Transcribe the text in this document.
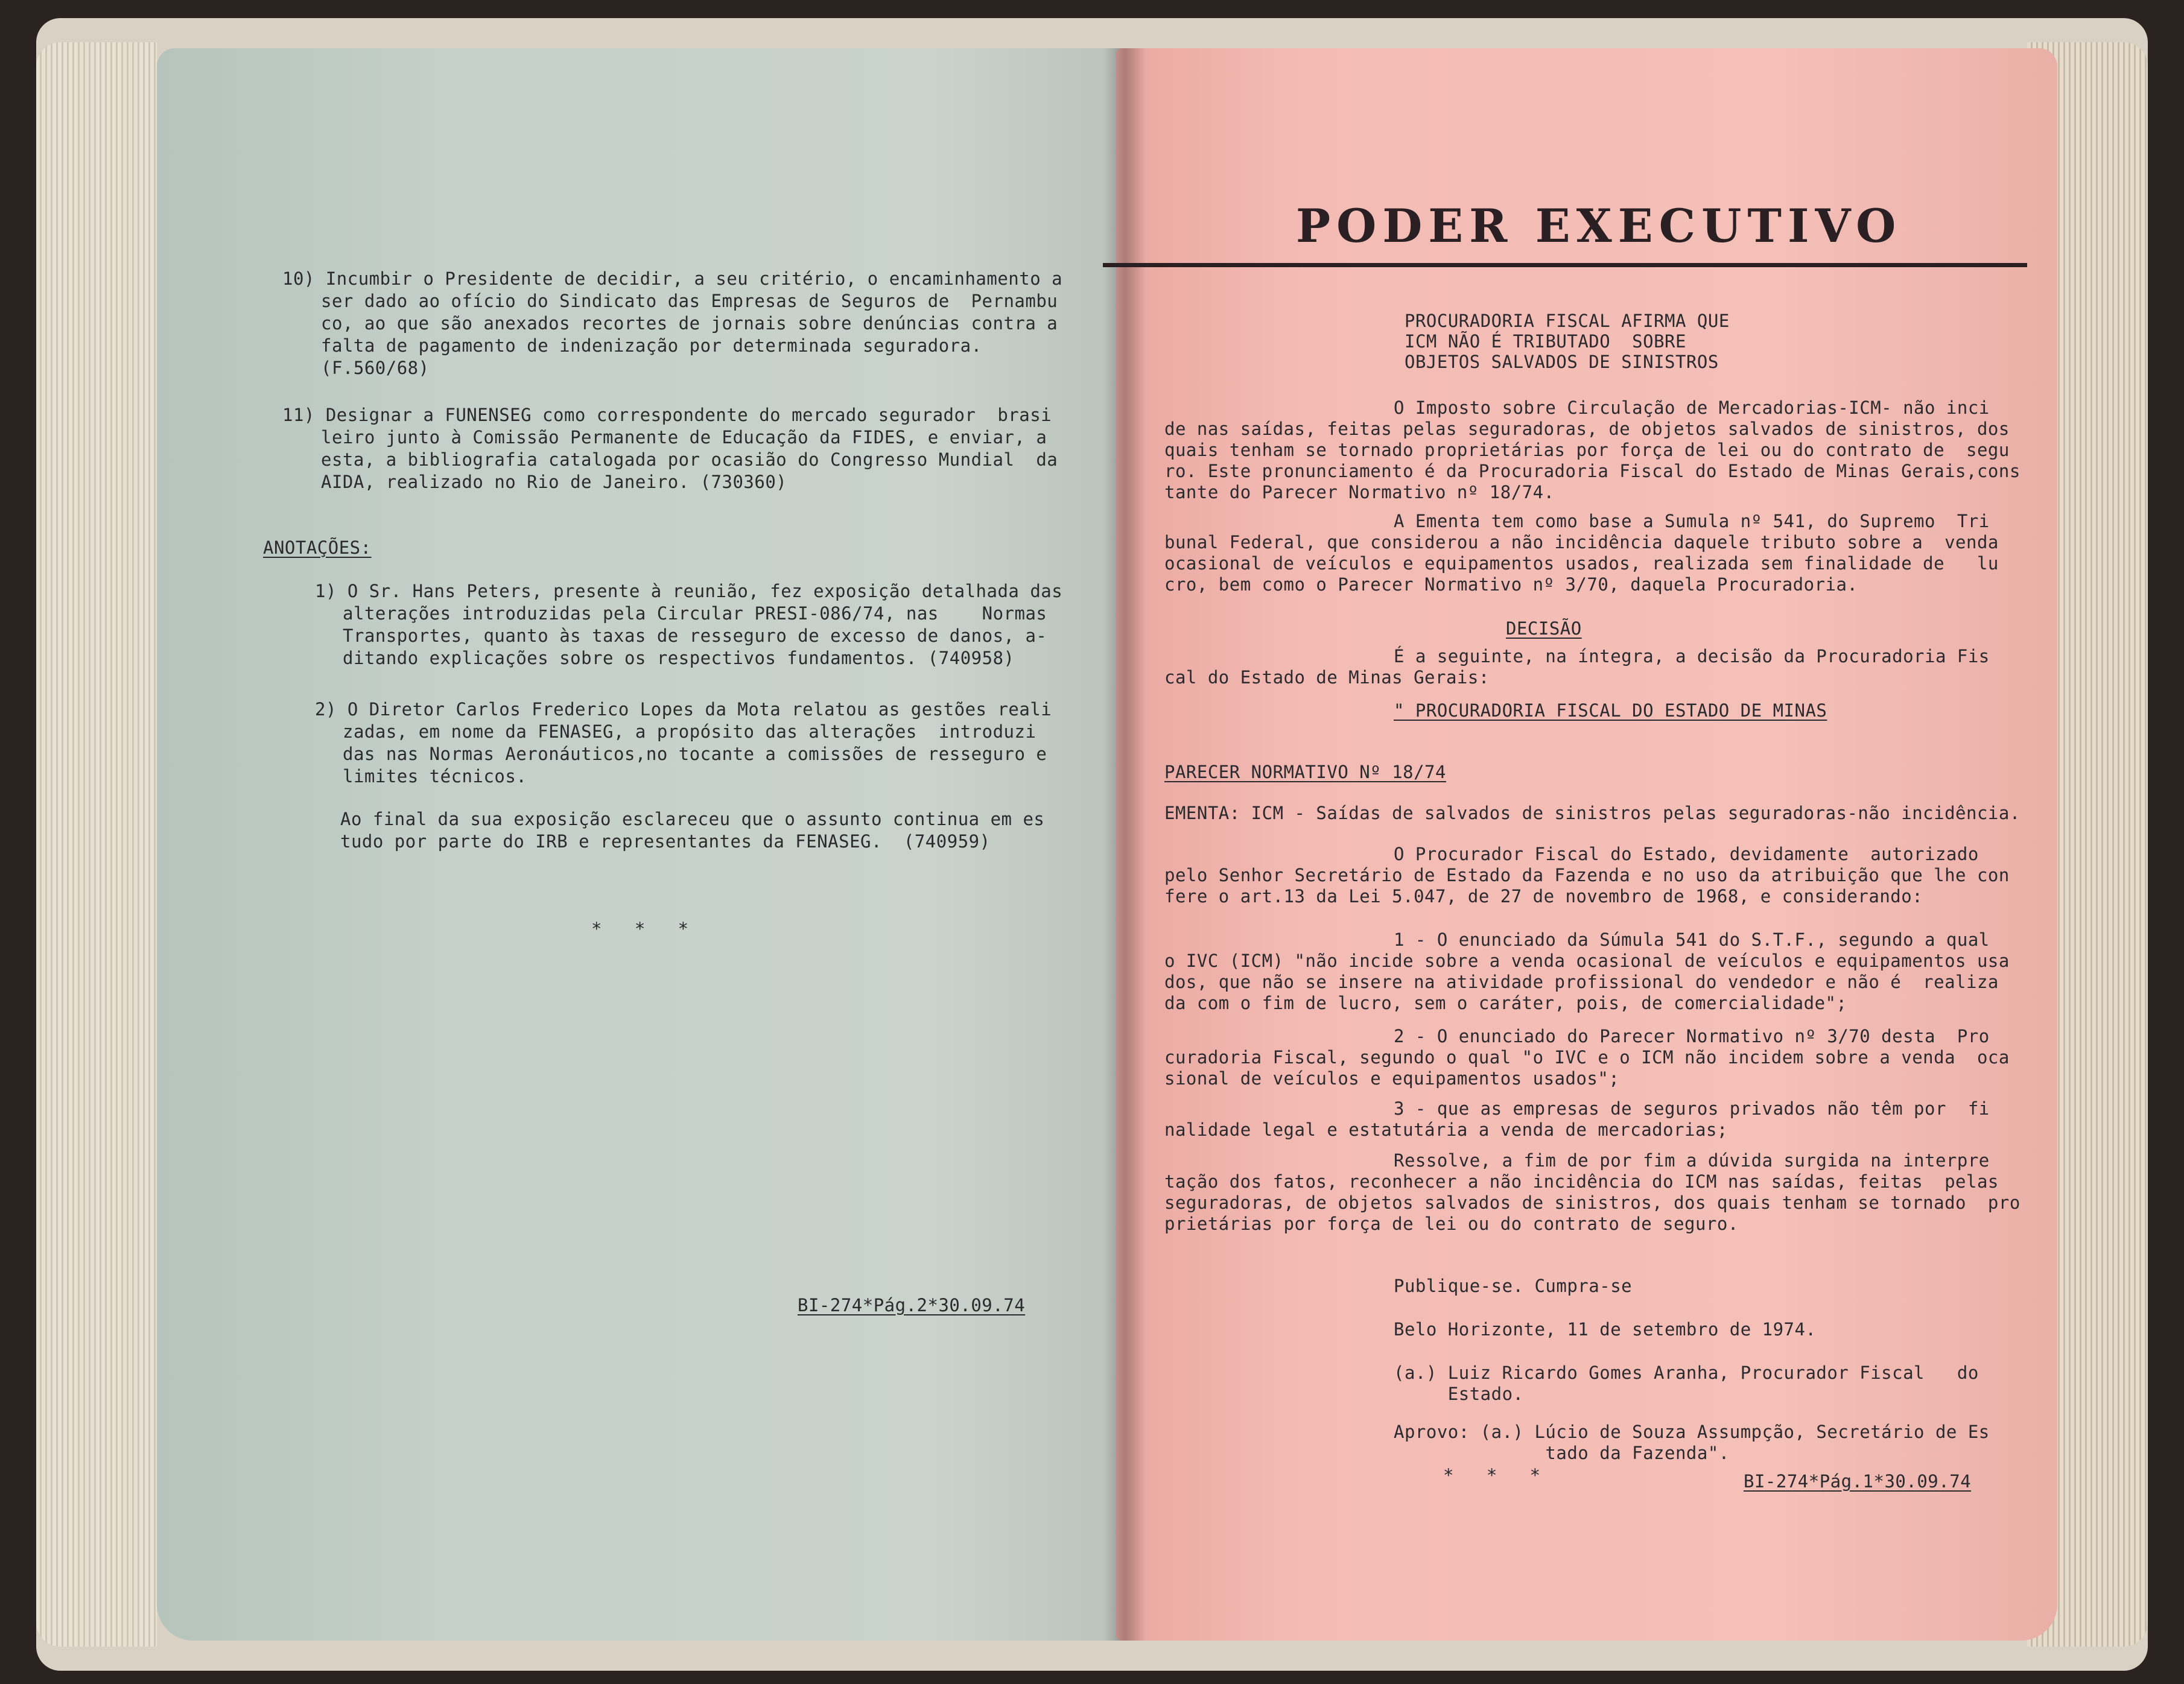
10) Incumbir o Presidente de decidir, a seu critério, o encaminhamento a
ser dado ao ofício do Sindicato das Empresas de Seguros de  Pernambu
co, ao que são anexados recortes de jornais sobre denúncias contra a
falta de pagamento de indenização por determinada seguradora.
(F.560/68)
11) Designar a FUNENSEG como correspondente do mercado segurador  brasi
leiro junto à Comissão Permanente de Educação da FIDES, e enviar, a
esta, a bibliografia catalogada por ocasião do Congresso Mundial  da
AIDA, realizado no Rio de Janeiro. (730360)
ANOTAÇÕES:
1) O Sr. Hans Peters, presente à reunião, fez exposição detalhada das
alterações introduzidas pela Circular PRESI-086/74, nas    Normas
Transportes, quanto às taxas de resseguro de excesso de danos, a-
ditando explicações sobre os respectivos fundamentos. (740958)
2) O Diretor Carlos Frederico Lopes da Mota relatou as gestões reali
zadas, em nome da FENASEG, a propósito das alterações  introduzi
das nas Normas Aeronáuticos,no tocante a comissões de resseguro e
limites técnicos.
Ao final da sua exposição esclareceu que o assunto continua em es
tudo por parte do IRB e representantes da FENASEG.  (740959)
*   *   *
BI-274*Pág.2*30.09.74
PODER EXECUTIVO
PROCURADORIA FISCAL AFIRMA QUE
ICM NÃO É TRIBUTADO  SOBRE
OBJETOS SALVADOS DE SINISTROS
O Imposto sobre Circulação de Mercadorias-ICM- não inci
de nas saídas, feitas pelas seguradoras, de objetos salvados de sinistros, dos
quais tenham se tornado proprietárias por força de lei ou do contrato de  segu
ro. Este pronunciamento é da Procuradoria Fiscal do Estado de Minas Gerais,cons
tante do Parecer Normativo nº 18/74.
A Ementa tem como base a Sumula nº 541, do Supremo  Tri
bunal Federal, que considerou a não incidência daquele tributo sobre a  venda
ocasional de veículos e equipamentos usados, realizada sem finalidade de   lu
cro, bem como o Parecer Normativo nº 3/70, daquela Procuradoria.
DECISÃO
É a seguinte, na íntegra, a decisão da Procuradoria Fis
cal do Estado de Minas Gerais:
" PROCURADORIA FISCAL DO ESTADO DE MINAS
PARECER NORMATIVO Nº 18/74
EMENTA: ICM - Saídas de salvados de sinistros pelas seguradoras-não incidência.
O Procurador Fiscal do Estado, devidamente  autorizado
pelo Senhor Secretário de Estado da Fazenda e no uso da atribuição que lhe con
fere o art.13 da Lei 5.047, de 27 de novembro de 1968, e considerando:
1 - O enunciado da Súmula 541 do S.T.F., segundo a qual
o IVC (ICM) "não incide sobre a venda ocasional de veículos e equipamentos usa
dos, que não se insere na atividade profissional do vendedor e não é  realiza
da com o fim de lucro, sem o caráter, pois, de comercialidade";
2 - O enunciado do Parecer Normativo nº 3/70 desta  Pro
curadoria Fiscal, segundo o qual "o IVC e o ICM não incidem sobre a venda  oca
sional de veículos e equipamentos usados";
3 - que as empresas de seguros privados não têm por  fi
nalidade legal e estatutária a venda de mercadorias;
Ressolve, a fim de por fim a dúvida surgida na interpre
tação dos fatos, reconhecer a não incidência do ICM nas saídas, feitas  pelas
seguradoras, de objetos salvados de sinistros, dos quais tenham se tornado  pro
prietárias por força de lei ou do contrato de seguro.
Publique-se. Cumpra-se
Belo Horizonte, 11 de setembro de 1974.
(a.) Luiz Ricardo Gomes Aranha, Procurador Fiscal   do
Estado.
Aprovo: (a.) Lúcio de Souza Assumpção, Secretário de Es
tado da Fazenda".
*   *   *	BI-274*Pág.1*30.09.74
